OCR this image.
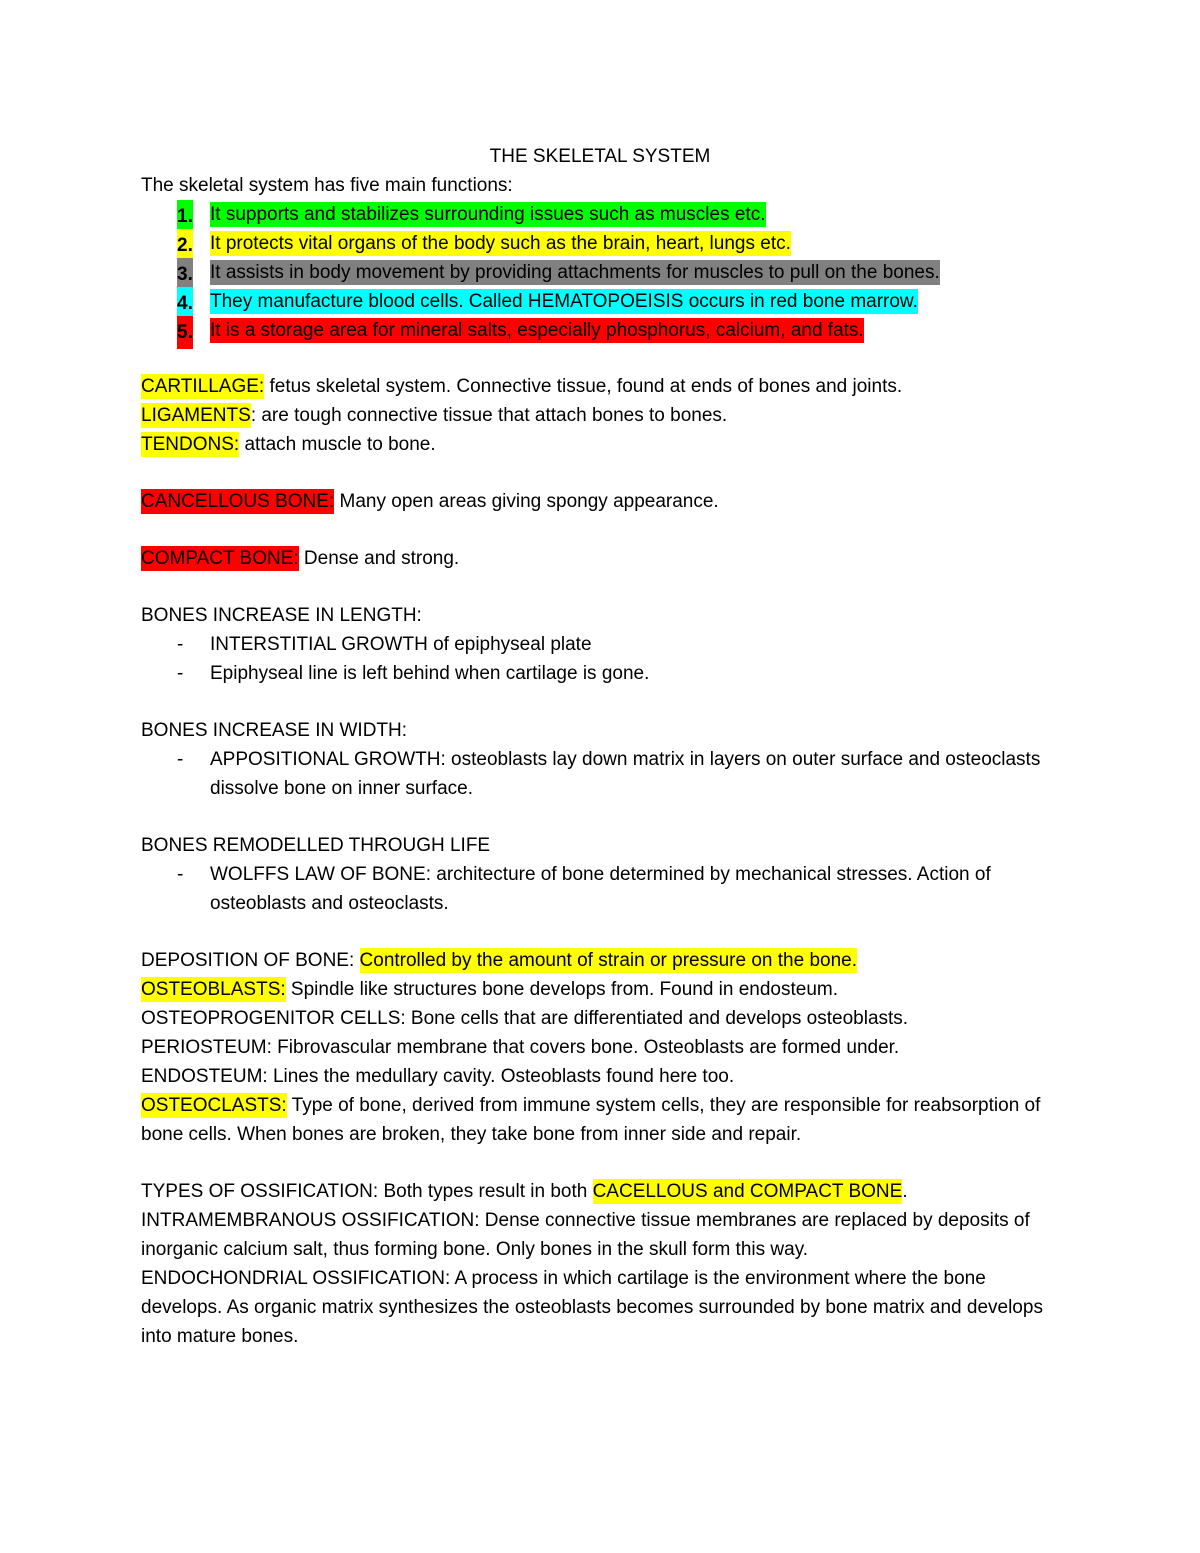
THE SKELETAL SYSTEM
The skeletal system has five main functions:
1. It supports and stabilizes surrounding issues such as muscles etc.
2. It protects vital organs of the body such as the brain, heart, lungs etc.
3. It assists in body movement by providing attachments for muscles to pull on the bones.
4. They manufacture blood cells. Called HEMATOPOEISIS occurs in red bone marrow.
5. It is a storage area for mineral salts, especially phosphorus, calcium, and fats.
CARTILLAGE: fetus skeletal system. Connective tissue, found at ends of bones and joints.
LIGAMENTS: are tough connective tissue that attach bones to bones.
TENDONS: attach muscle to bone.
CANCELLOUS BONE: Many open areas giving spongy appearance.
COMPACT BONE: Dense and strong.
BONES INCREASE IN LENGTH:
- INTERSTITIAL GROWTH of epiphyseal plate
- Epiphyseal line is left behind when cartilage is gone.
BONES INCREASE IN WIDTH:
- APPOSITIONAL GROWTH: osteoblasts lay down matrix in layers on outer surface and osteoclasts dissolve bone on inner surface.
BONES REMODELLED THROUGH LIFE
- WOLFFS LAW OF BONE: architecture of bone determined by mechanical stresses. Action of osteoblasts and osteoclasts.
DEPOSITION OF BONE: Controlled by the amount of strain or pressure on the bone.
OSTEOBLASTS: Spindle like structures bone develops from. Found in endosteum.
OSTEOPROGENITOR CELLS: Bone cells that are differentiated and develops osteoblasts.
PERIOSTEUM: Fibrovascular membrane that covers bone. Osteoblasts are formed under.
ENDOSTEUM: Lines the medullary cavity. Osteoblasts found here too.
OSTEOCLASTS: Type of bone, derived from immune system cells, they are responsible for reabsorption of bone cells. When bones are broken, they take bone from inner side and repair.
TYPES OF OSSIFICATION: Both types result in both CACELLOUS and COMPACT BONE.
INTRAMEMBRANOUS OSSIFICATION: Dense connective tissue membranes are replaced by deposits of inorganic calcium salt, thus forming bone. Only bones in the skull form this way.
ENDOCHONDRIAL OSSIFICATION: A process in which cartilage is the environment where the bone develops. As organic matrix synthesizes the osteoblasts becomes surrounded by bone matrix and develops into mature bones.
